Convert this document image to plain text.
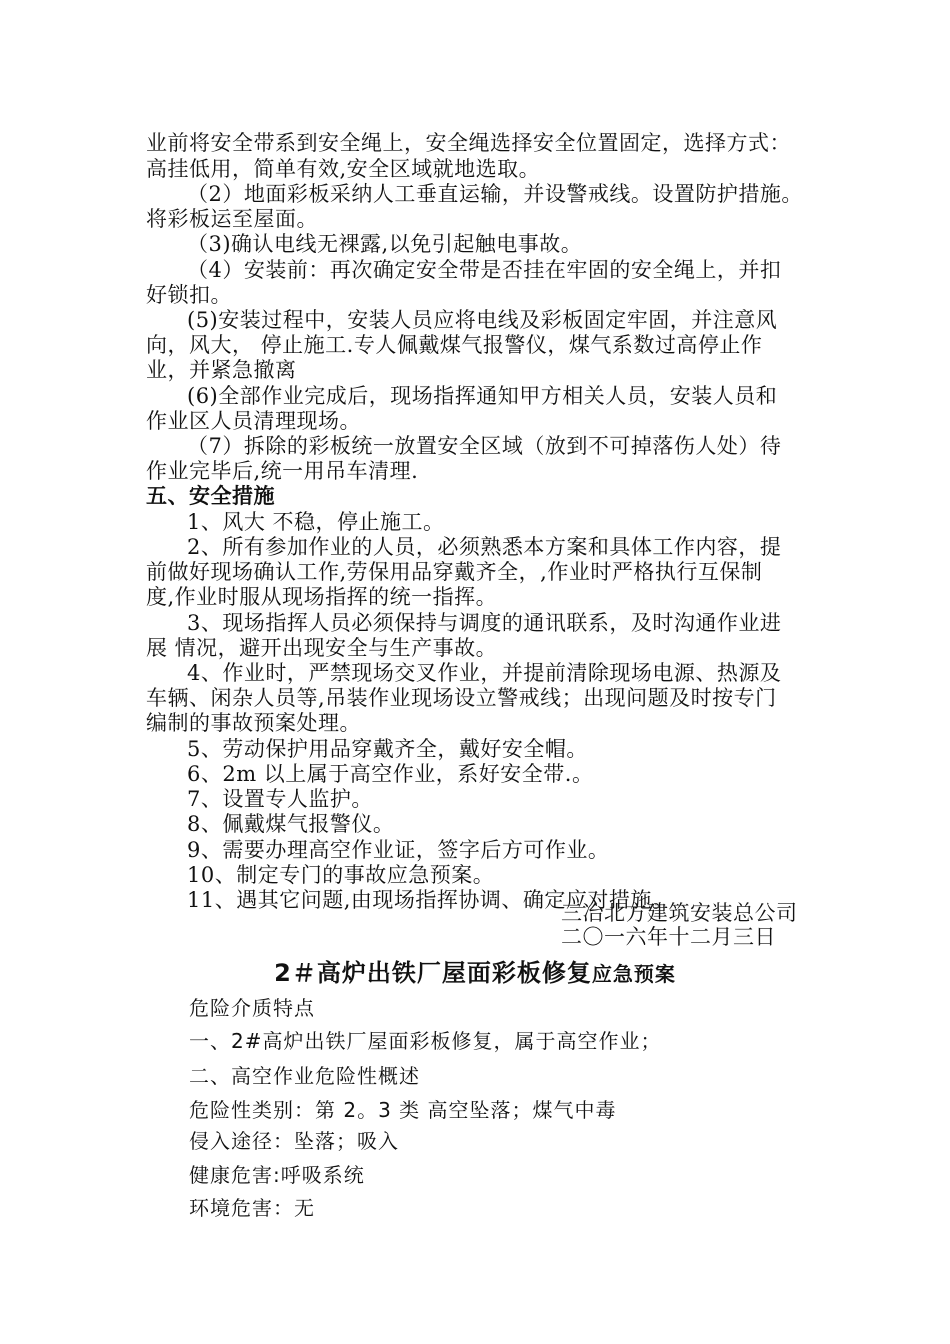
业前将安全带系到安全绳上，安全绳选择安全位置固定，选择方式：
高挂低用，简单有效,安全区域就地选取。
（2）地面彩板采纳人工垂直运输，并设警戒线。设置防护措施。
将彩板运至屋面。
（3)确认电线无裸露,以免引起触电事故。
（4）安装前：再次确定安全带是否挂在牢固的安全绳上，并扣
好锁扣。
(5)安装过程中，安装人员应将电线及彩板固定牢固，并注意风
向，风大， 停止施工.专人佩戴煤气报警仪，煤气系数过高停止作
业，并紧急撤离
(6)全部作业完成后，现场指挥通知甲方相关人员，安装人员和
作业区人员清理现场。
（7）拆除的彩板统一放置安全区域（放到不可掉落伤人处）待
作业完毕后,统一用吊车清理.
五、安全措施
1、风大 不稳，停止施工。
2、所有参加作业的人员，必须熟悉本方案和具体工作内容，提
前做好现场确认工作,劳保用品穿戴齐全，,作业时严格执行互保制
度,作业时服从现场指挥的统一指挥。
3、现场指挥人员必须保持与调度的通讯联系，及时沟通作业进
展 情况，避开出现安全与生产事故。
4、作业时，严禁现场交叉作业，并提前清除现场电源、热源及
车辆、闲杂人员等,吊装作业现场设立警戒线；出现问题及时按专门
编制的事故预案处理。
5、劳动保护用品穿戴齐全，戴好安全帽。
6、2m 以上属于高空作业，系好安全带.。
7、设置专人监护。
8、佩戴煤气报警仪。
9、需要办理高空作业证，签字后方可作业。
10、制定专门的事故应急预案。
11、遇其它问题,由现场指挥协调、确定应对措施。
三冶北方建筑安装总公司
二〇一六年十二月三日
2＃高炉出铁厂屋面彩板修复应急预案
危险介质特点
一、2#高炉出铁厂屋面彩板修复，属于高空作业；
二、高空作业危险性概述
危险性类别：第 2。3 类 高空坠落；煤气中毒
侵入途径：坠落；吸入
健康危害:呼吸系统
环境危害：无
